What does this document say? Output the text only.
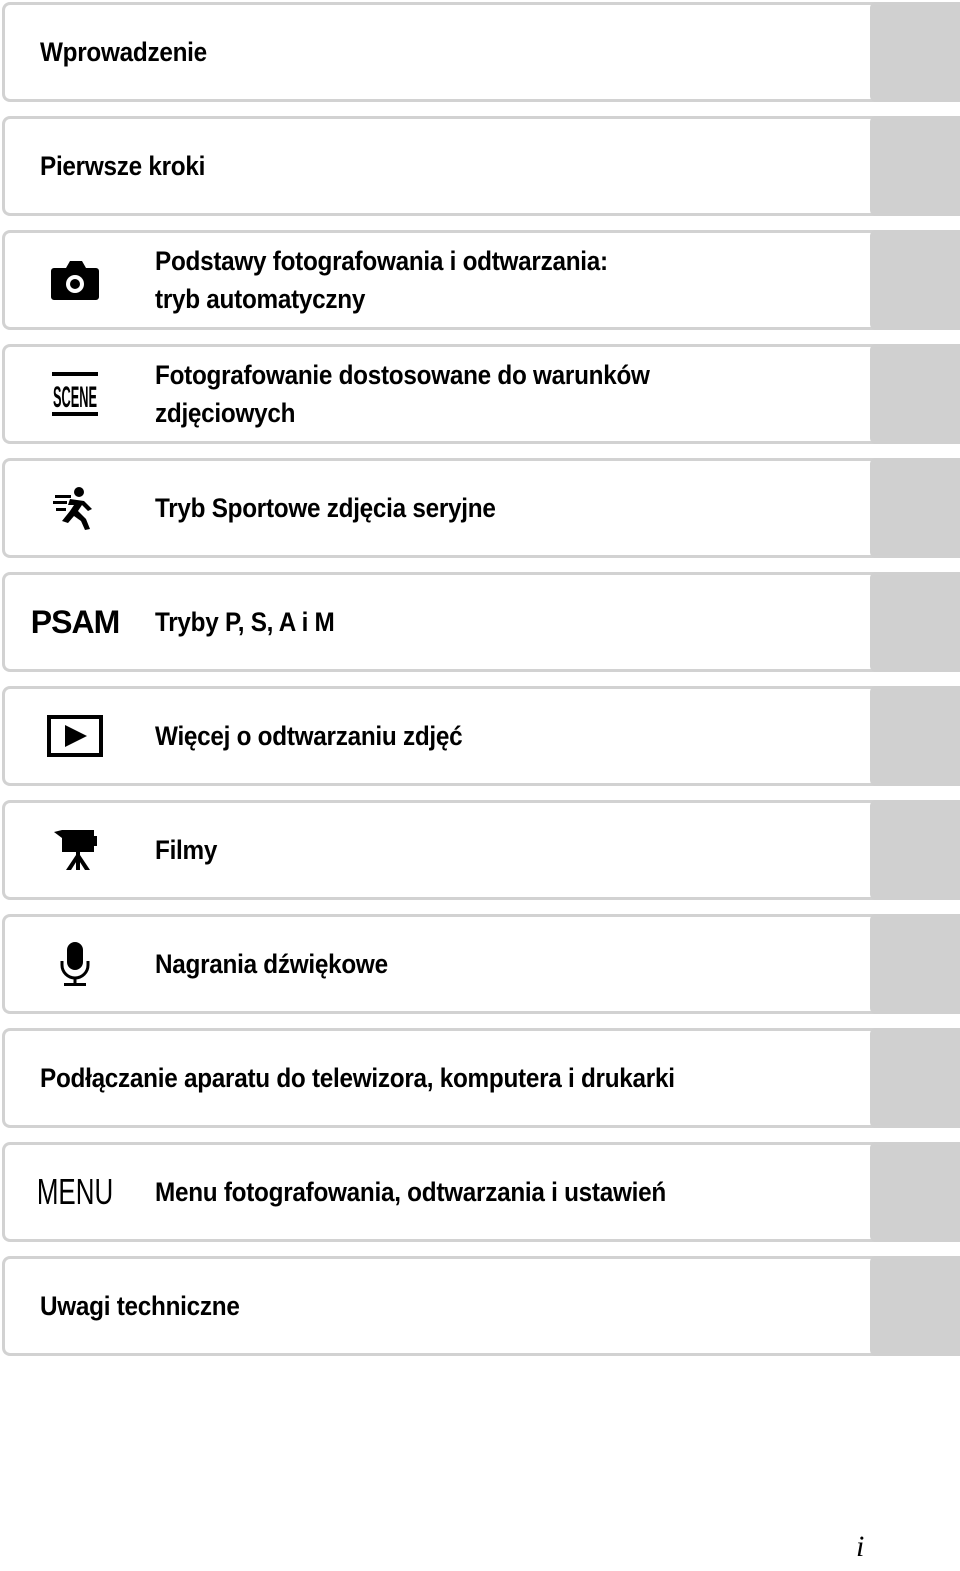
Wprowadzenie
Pierwsze kroki
Podstawy fotografowania i odtwarzania:
tryb automatyczny
SCENE
Fotografowanie dostosowane do warunków
zdjęciowych
Tryb Sportowe zdjęcia seryjne
PSAM Tryby P, S, A i M
Więcej o odtwarzaniu zdjęć
Filmy
Nagrania dźwiękowe
Podłączanie aparatu do telewizora, komputera i drukarki
MENU Menu fotografowania, odtwarzania i ustawień
Uwagi techniczne
i
